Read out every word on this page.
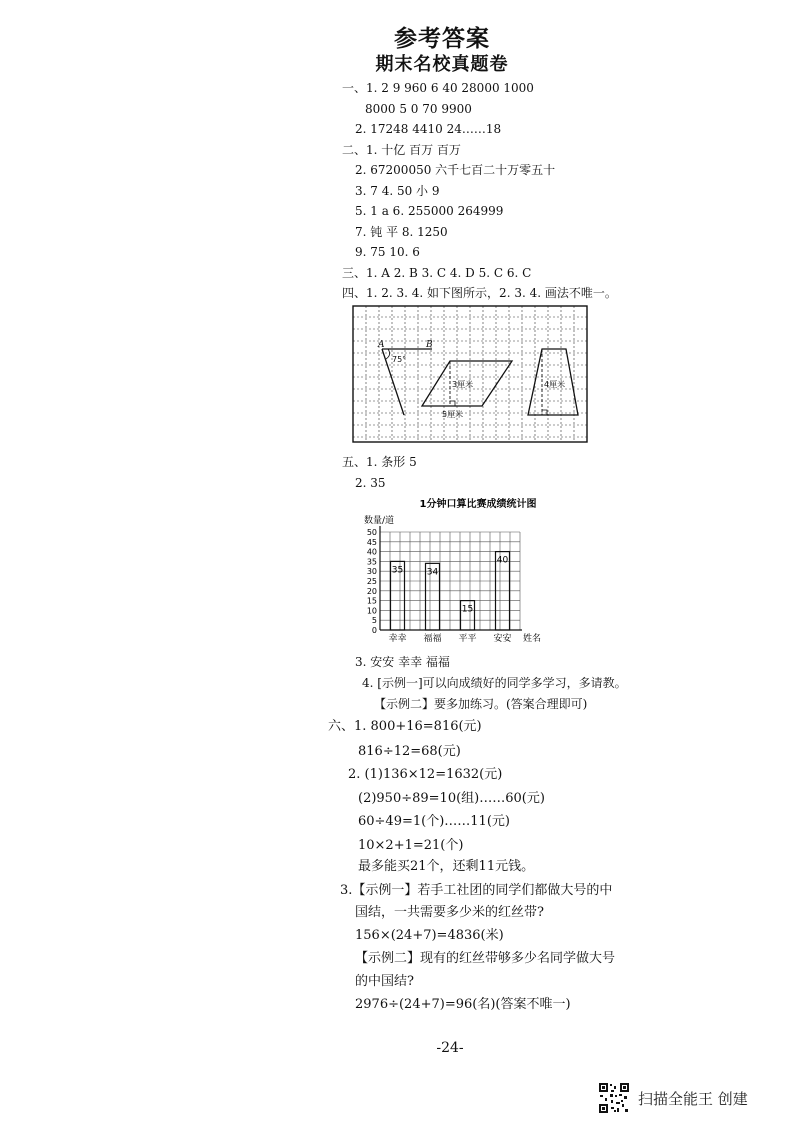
参考答案
期末名校真题卷
一、1. 2 9 960 6 40 28000 1000
8000 5 0 70 9900
2. 17248 4410 24……18
二、1. 十亿 百万 百万
2. 67200050 六千七百二十万零五十
3. 7 4. 50 小 9
5. 1 a 6. 255000 264999
7. 钝 平 8. 1250
9. 75 10. 6
三、1. A 2. B 3. C 4. D 5. C 6. C
四、1. 2. 3. 4. 如下图所示，2. 3. 4. 画法不唯一。
A	B
75°
3厘米
5厘米
4厘米
五、1. 条形 5
2. 35
1分钟口算比赛成绩统计图
数量/道
35	34
15
40
0
5
10
15
20
25
30
35
40
45
50
幸幸 福福 平平 安安 姓名
3. 安安 幸幸 福福
4. [示例一]可以向成绩好的同学多学习，多请教。
【示例二】要多加练习。(答案合理即可)
六、1. 800+16=816(元)
816÷12=68(元)
2. (1)136×12=1632(元)
(2)950÷89=10(组)……60(元)
60÷49=1(个)……11(元)
10×2+1=21(个)
最多能买21个，还剩11元钱。
3.【示例一】若手工社团的同学们都做大号的中
国结，一共需要多少米的红丝带?
156×(24+7)=4836(米)
【示例二】现有的红丝带够多少名同学做大号
的中国结?
2976÷(24+7)=96(名)(答案不唯一)
-24-
扫描全能王 创建
